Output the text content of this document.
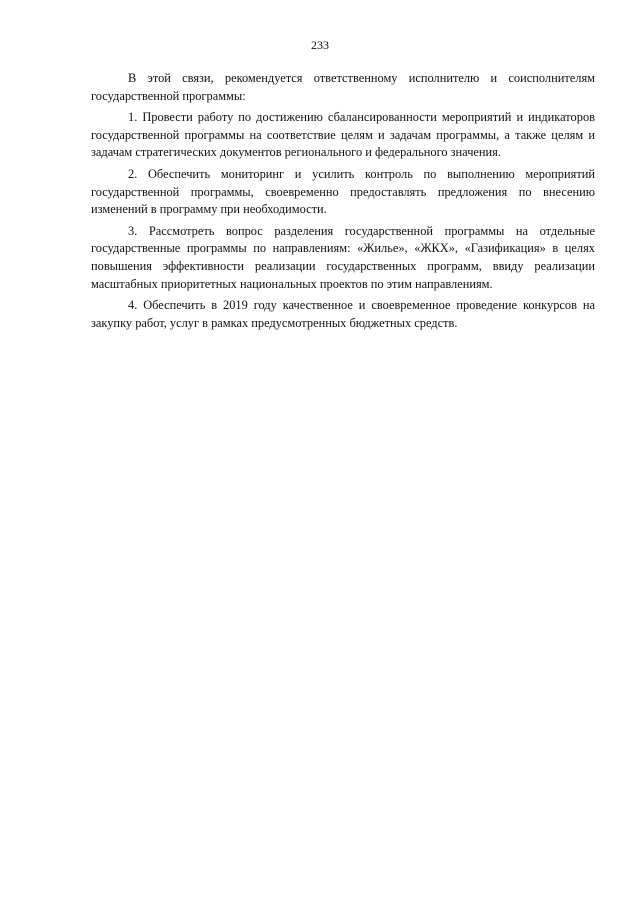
233

В этой связи, рекомендуется ответственному исполнителю и соисполнителям государственной программы:

1. Провести работу по достижению сбалансированности мероприятий и индикаторов государственной программы на соответствие целям и задачам программы, а также целям и задачам стратегических документов регионального и федерального значения.

2. Обеспечить мониторинг и усилить контроль по выполнению мероприятий государственной программы, своевременно предоставлять предложения по внесению изменений в программу при необходимости.

3. Рассмотреть вопрос разделения государственной программы на отдельные государственные программы по направлениям: «Жилье», «ЖКХ», «Газификация» в целях повышения эффективности реализации государственных программ, ввиду реализации масштабных приоритетных национальных проектов по этим направлениям.

4. Обеспечить в 2019 году качественное и своевременное проведение конкурсов на закупку работ, услуг в рамках предусмотренных бюджетных средств.
